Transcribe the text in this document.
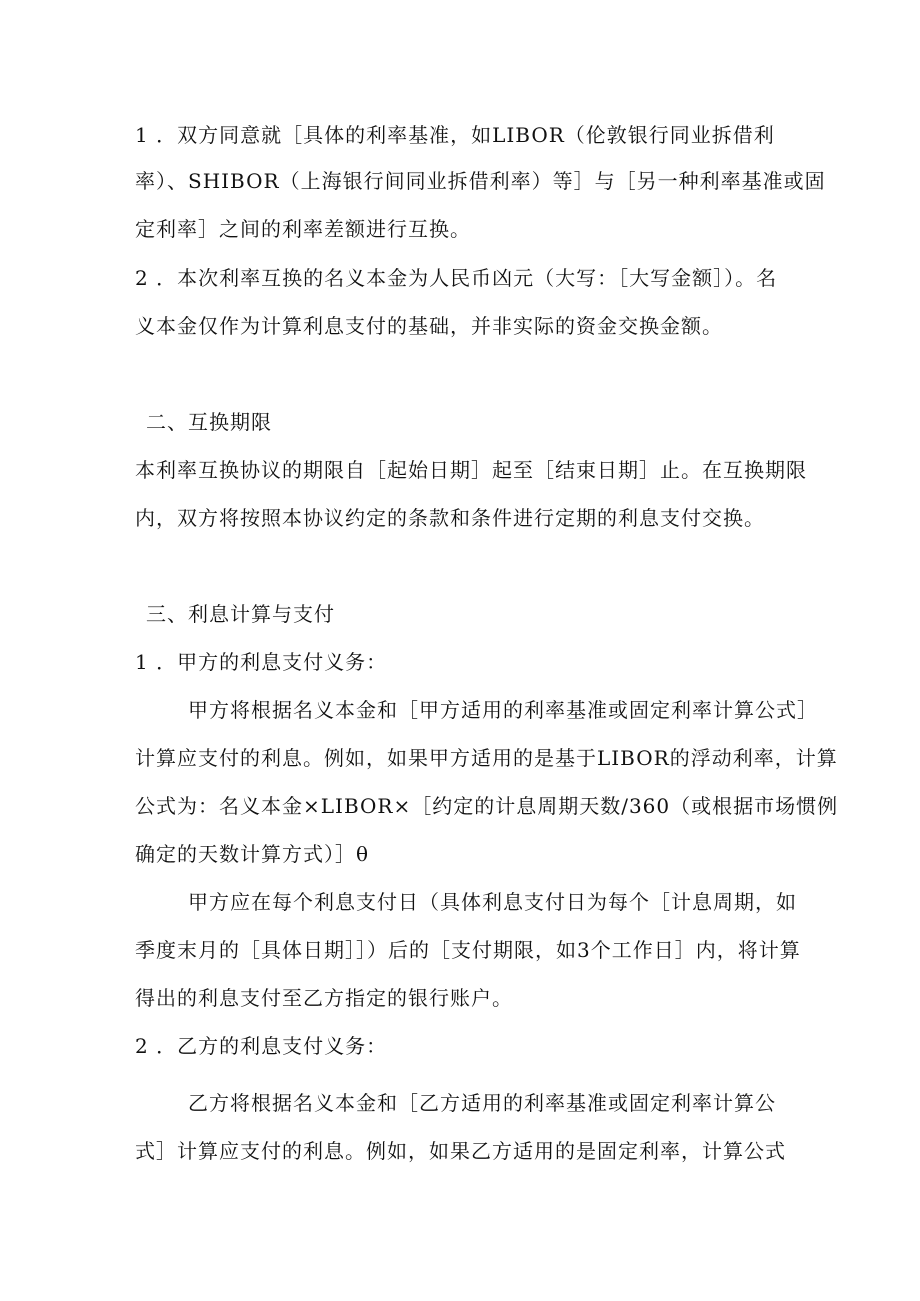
1 ．双方同意就［具体的利率基准，如LIBOR（伦敦银行同业拆借利
率）、SHIBOR（上海银行间同业拆借利率）等］与［另一种利率基准或固
定利率］之间的利率差额进行互换。
2 ．本次利率互换的名义本金为人民币凶元（大写：［大写金额］）。名
义本金仅作为计算利息支付的基础，并非实际的资金交换金额。
二、互换期限
本利率互换协议的期限自［起始日期］起至［结束日期］止。在互换期限
内，双方将按照本协议约定的条款和条件进行定期的利息支付交换。
三、利息计算与支付
1 ．甲方的利息支付义务：
甲方将根据名义本金和［甲方适用的利率基准或固定利率计算公式］
计算应支付的利息。例如，如果甲方适用的是基于LIBOR的浮动利率，计算
公式为：名义本金×LIBOR×［约定的计息周期天数/360（或根据市场惯例
确定的天数计算方式）］θ
甲方应在每个利息支付日（具体利息支付日为每个［计息周期，如
季度末月的［具体日期］］）后的［支付期限，如3个工作日］内，将计算
得出的利息支付至乙方指定的银行账户。
2 ．乙方的利息支付义务：
乙方将根据名义本金和［乙方适用的利率基准或固定利率计算公
式］计算应支付的利息。例如，如果乙方适用的是固定利率，计算公式
